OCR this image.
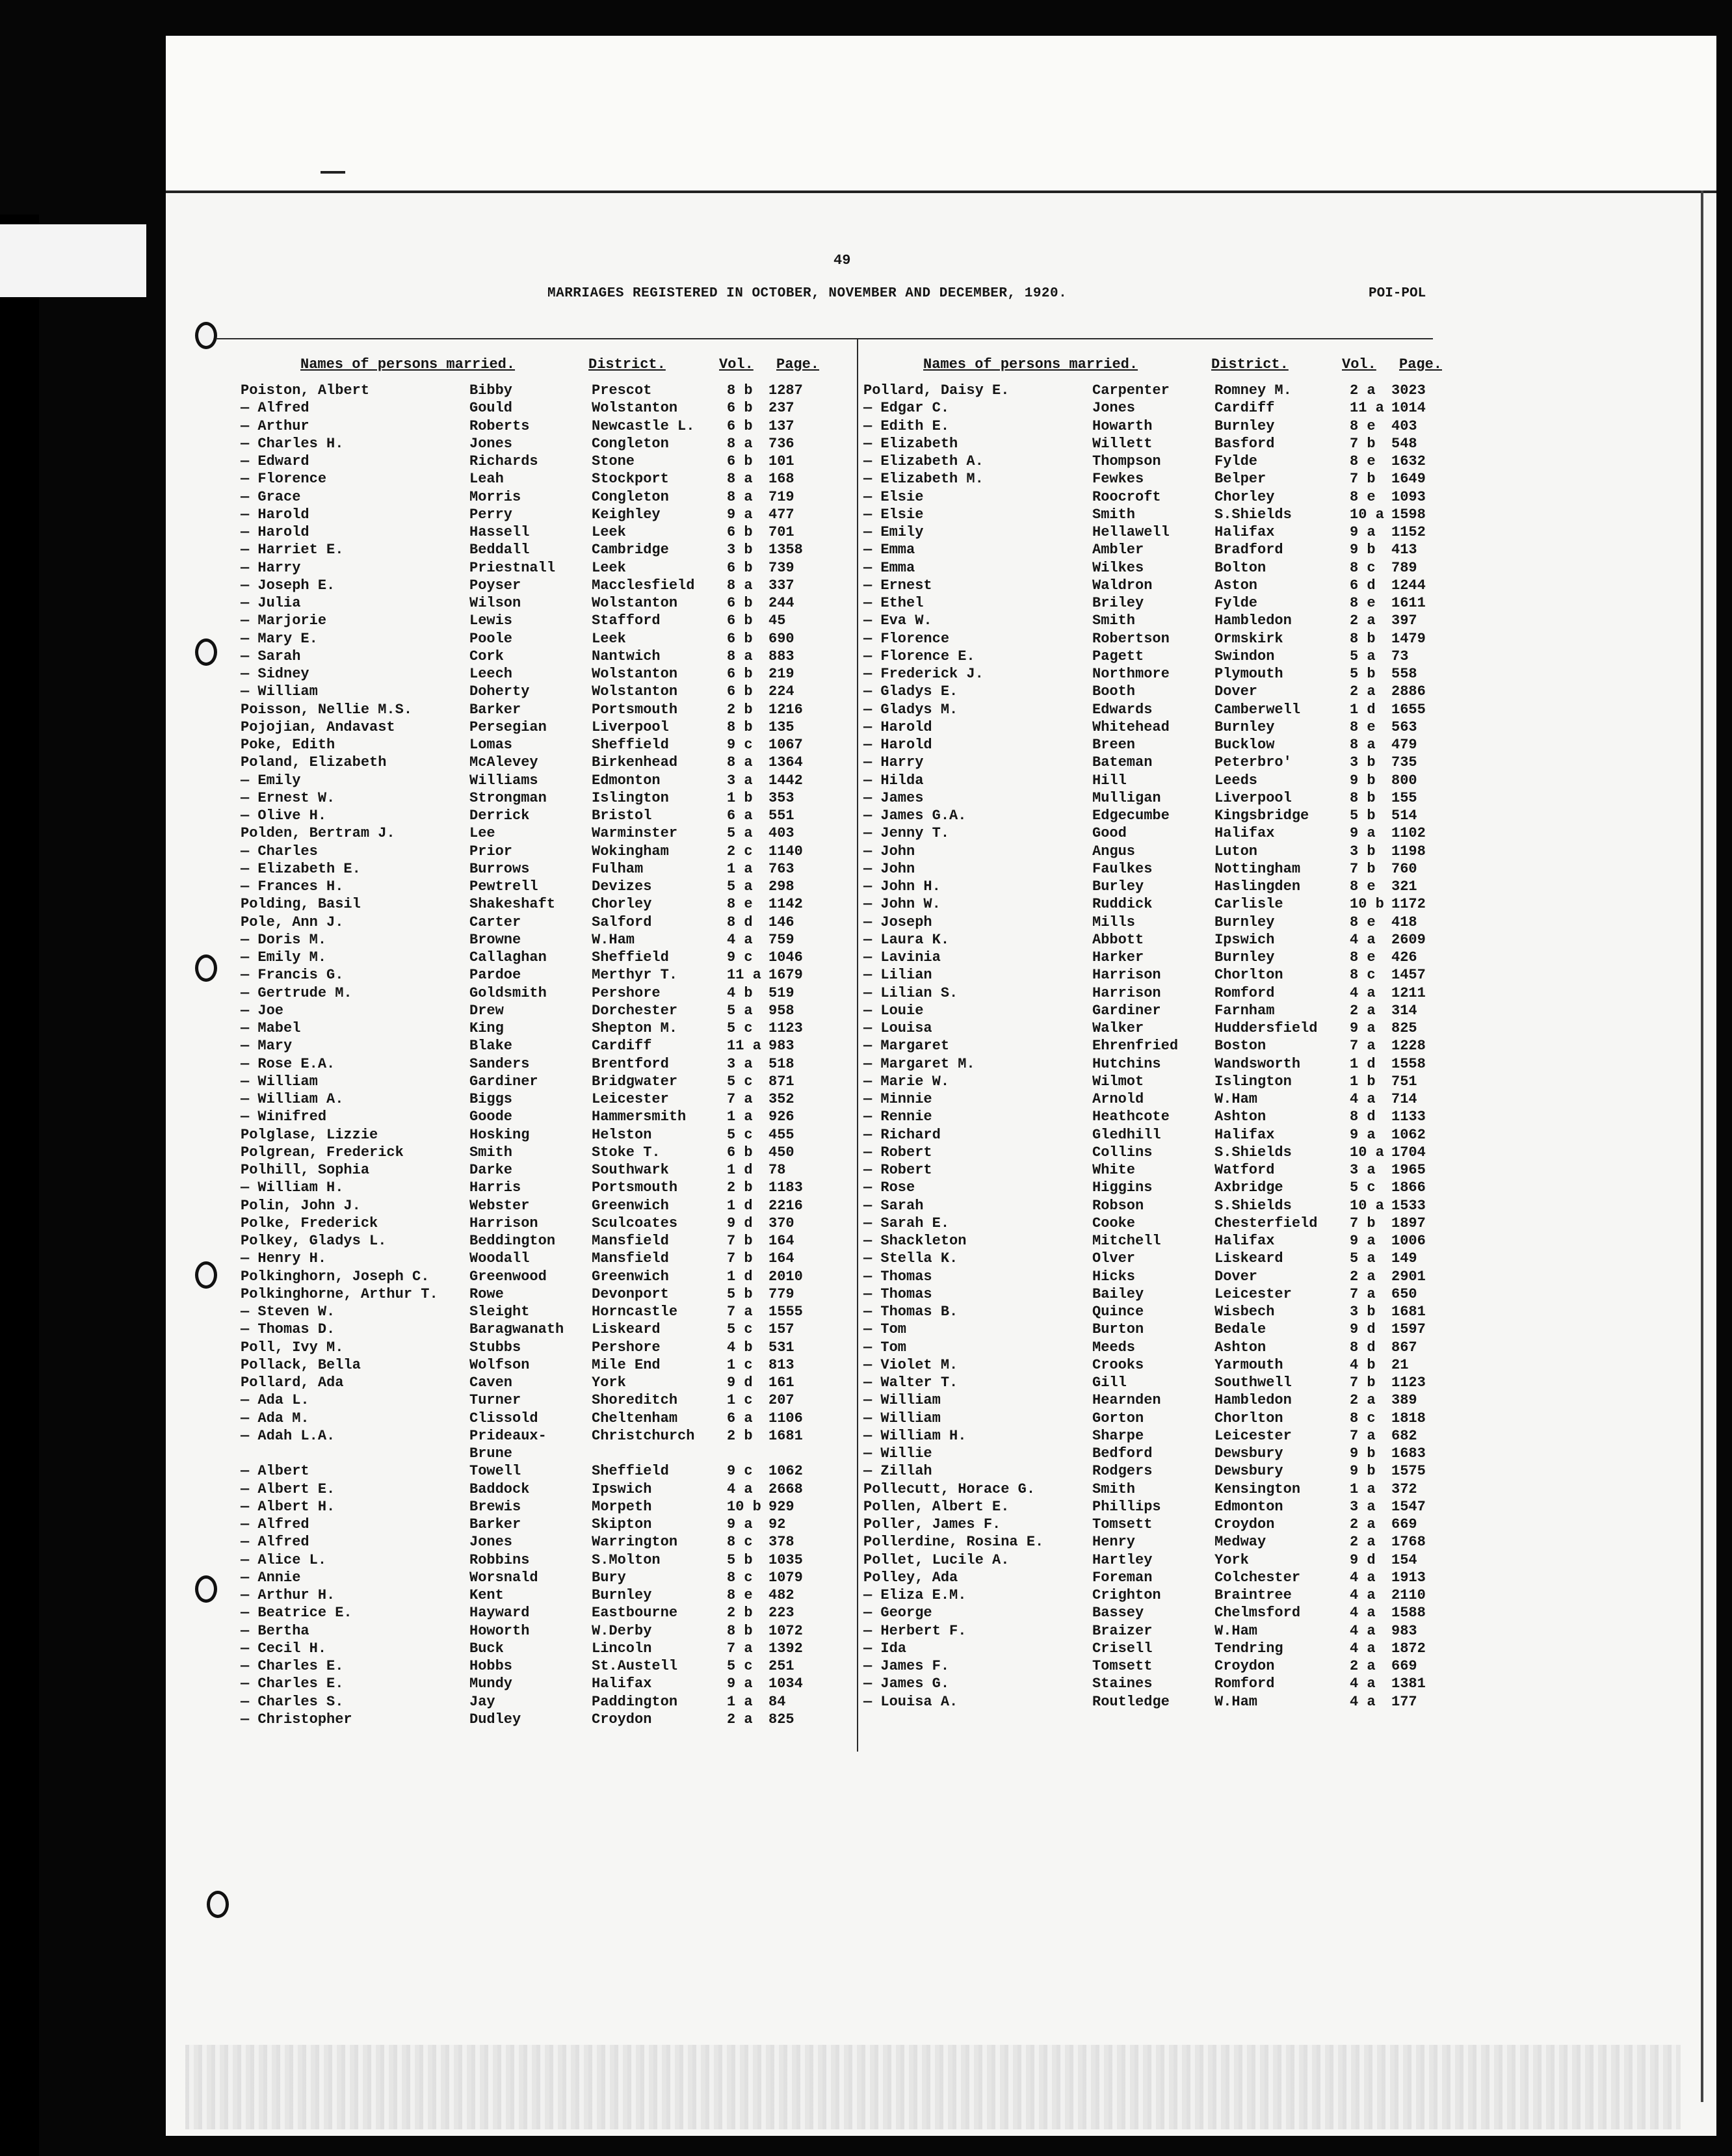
49
MARRIAGES REGISTERED IN OCTOBER, NOVEMBER AND DECEMBER, 1920.	POI-POL
Names of persons married.	District.	Vol. Page.
Poiston, Albert	Bibby	Prescot	8 b 1287
— Alfred	Gould	Wolstanton	6 b 237
— Arthur	Roberts	Newcastle L. 6 b 137
— Charles H.	Jones	Congleton	8 a 736
— Edward	Richards	Stone	6 b 101
— Florence	Leah	Stockport	8 a 168
— Grace	Morris	Congleton	8 a 719
— Harold	Perry	Keighley	9 a 477
— Harold	Hassell	Leek	6 b 701
— Harriet E.	Beddall	Cambridge	3 b 1358
— Harry	Priestnall	Leek	6 b 739
— Joseph E.	Poyser	Macclesfield 8 a 337
— Julia	Wilson	Wolstanton	6 b 244
— Marjorie	Lewis	Stafford	6 b 45
— Mary E.	Poole	Leek	6 b 690
— Sarah	Cork	Nantwich	8 a 883
— Sidney	Leech	Wolstanton	6 b 219
— William	Doherty	Wolstanton	6 b 224
Poisson, Nellie M.S.	Barker	Portsmouth	2 b 1216
Pojojian, Andavast	Persegian	Liverpool	8 b 135
Poke, Edith	Lomas	Sheffield	9 c 1067
Poland, Elizabeth	McAlevey	Birkenhead	8 a 1364
— Emily	Williams	Edmonton	3 a 1442
— Ernest W.	Strongman	Islington	1 b 353
— Olive H.	Derrick	Bristol	6 a 551
Polden, Bertram J.	Lee	Warminster	5 a 403
— Charles	Prior	Wokingham	2 c 1140
— Elizabeth E.	Burrows	Fulham	1 a 763
— Frances H.	Pewtrell	Devizes	5 a 298
Polding, Basil	Shakeshaft	Chorley	8 e 1142
Pole, Ann J.	Carter	Salford	8 d 146
— Doris M.	Browne	W.Ham	4 a 759
— Emily M.	Callaghan	Sheffield	9 c 1046
— Francis G.	Pardoe	Merthyr T.	11 a 1679
— Gertrude M.	Goldsmith	Pershore	4 b 519
— Joe	Drew	Dorchester	5 a 958
— Mabel	King	Shepton M.	5 c 1123
— Mary	Blake	Cardiff	11 a 983
— Rose E.A.	Sanders	Brentford	3 a 518
— William	Gardiner	Bridgwater	5 c 871
— William A.	Biggs	Leicester	7 a 352
— Winifred	Goode	Hammersmith	1 a 926
Polglase, Lizzie	Hosking	Helston	5 c 455
Polgrean, Frederick	Smith	Stoke T.	6 b 450
Polhill, Sophia	Darke	Southwark	1 d 78
— William H.	Harris	Portsmouth	2 b 1183
Polin, John J.	Webster	Greenwich	1 d 2216
Polke, Frederick	Harrison	Sculcoates	9 d 370
Polkey, Gladys L.	Beddington	Mansfield	7 b 164
— Henry H.	Woodall	Mansfield	7 b 164
Polkinghorn, Joseph C.	Greenwood	Greenwich	1 d 2010
Polkinghorne, Arthur T. Rowe	Devonport	5 b 779
— Steven W.	Sleight	Horncastle	7 a 1555
— Thomas D.	Baragwanath Liskeard	5 c 157
Poll, Ivy M.	Stubbs	Pershore	4 b 531
Pollack, Bella	Wolfson	Mile End	1 c 813
Pollard, Ada	Caven	York	9 d 161
— Ada L.	Turner	Shoreditch	1 c 207
— Ada M.	Clissold	Cheltenham	6 a 1106
— Adah L.A.	Prideaux-	Christchurch 2 b 1681
Brune
— Albert	Towell	Sheffield	9 c 1062
— Albert E.	Baddock	Ipswich	4 a 2668
— Albert H.	Brewis	Morpeth	10 b 929
— Alfred	Barker	Skipton	9 a 92
— Alfred	Jones	Warrington	8 c 378
— Alice L.	Robbins	S.Molton	5 b 1035
— Annie	Worsnald	Bury	8 c 1079
— Arthur H.	Kent	Burnley	8 e 482
— Beatrice E.	Hayward	Eastbourne	2 b 223
— Bertha	Howorth	W.Derby	8 b 1072
— Cecil H.	Buck	Lincoln	7 a 1392
— Charles E.	Hobbs	St.Austell	5 c 251
— Charles E.	Mundy	Halifax	9 a 1034
— Charles S.	Jay	Paddington	1 a 84
— Christopher	Dudley	Croydon	2 a 825
Names of persons married.	District.	Vol. Page.
Pollard, Daisy E.	Carpenter	Romney M.	2 a 3023
— Edgar C.	Jones	Cardiff	11 a 1014
— Edith E.	Howarth	Burnley	8 e 403
— Elizabeth	Willett	Basford	7 b 548
— Elizabeth A.	Thompson	Fylde	8 e 1632
— Elizabeth M.	Fewkes	Belper	7 b 1649
— Elsie	Roocroft	Chorley	8 e 1093
— Elsie	Smith	S.Shields	10 a 1598
— Emily	Hellawell	Halifax	9 a 1152
— Emma	Ambler	Bradford	9 b 413
— Emma	Wilkes	Bolton	8 c 789
— Ernest	Waldron	Aston	6 d 1244
— Ethel	Briley	Fylde	8 e 1611
— Eva W.	Smith	Hambledon	2 a 397
— Florence	Robertson	Ormskirk	8 b 1479
— Florence E.	Pagett	Swindon	5 a 73
— Frederick J.	Northmore	Plymouth	5 b 558
— Gladys E.	Booth	Dover	2 a 2886
— Gladys M.	Edwards	Camberwell	1 d 1655
— Harold	Whitehead	Burnley	8 e 563
— Harold	Breen	Bucklow	8 a 479
— Harry	Bateman	Peterbro'	3 b 735
— Hilda	Hill	Leeds	9 b 800
— James	Mulligan	Liverpool	8 b 155
— James G.A.	Edgecumbe	Kingsbridge	5 b 514
— Jenny T.	Good	Halifax	9 a 1102
— John	Angus	Luton	3 b 1198
— John	Faulkes	Nottingham	7 b 760
— John H.	Burley	Haslingden	8 e 321
— John W.	Ruddick	Carlisle	10 b 1172
— Joseph	Mills	Burnley	8 e 418
— Laura K.	Abbott	Ipswich	4 a 2609
— Lavinia	Harker	Burnley	8 e 426
— Lilian	Harrison	Chorlton	8 c 1457
— Lilian S.	Harrison	Romford	4 a 1211
— Louie	Gardiner	Farnham	2 a 314
— Louisa	Walker	Huddersfield 9 a 825
— Margaret	Ehrenfried	Boston	7 a 1228
— Margaret M.	Hutchins	Wandsworth	1 d 1558
— Marie W.	Wilmot	Islington	1 b 751
— Minnie	Arnold	W.Ham	4 a 714
— Rennie	Heathcote	Ashton	8 d 1133
— Richard	Gledhill	Halifax	9 a 1062
— Robert	Collins	S.Shields	10 a 1704
— Robert	White	Watford	3 a 1965
— Rose	Higgins	Axbridge	5 c 1866
— Sarah	Robson	S.Shields	10 a 1533
— Sarah E.	Cooke	Chesterfield 7 b 1897
— Shackleton	Mitchell	Halifax	9 a 1006
— Stella K.	Olver	Liskeard	5 a 149
— Thomas	Hicks	Dover	2 a 2901
— Thomas	Bailey	Leicester	7 a 650
— Thomas B.	Quince	Wisbech	3 b 1681
— Tom	Burton	Bedale	9 d 1597
— Tom	Meeds	Ashton	8 d 867
— Violet M.	Crooks	Yarmouth	4 b 21
— Walter T.	Gill	Southwell	7 b 1123
— William	Hearnden	Hambledon	2 a 389
— William	Gorton	Chorlton	8 c 1818
— William H.	Sharpe	Leicester	7 a 682
— Willie	Bedford	Dewsbury	9 b 1683
— Zillah	Rodgers	Dewsbury	9 b 1575
Pollecutt, Horace G.	Smith	Kensington	1 a 372
Pollen, Albert E.	Phillips	Edmonton	3 a 1547
Poller, James F.	Tomsett	Croydon	2 a 669
Pollerdine, Rosina E.	Henry	Medway	2 a 1768
Pollet, Lucile A.	Hartley	York	9 d 154
Polley, Ada	Foreman	Colchester	4 a 1913
— Eliza E.M.	Crighton	Braintree	4 a 2110
— George	Bassey	Chelmsford	4 a 1588
— Herbert F.	Braizer	W.Ham	4 a 983
— Ida	Crisell	Tendring	4 a 1872
— James F.	Tomsett	Croydon	2 a 669
— James G.	Staines	Romford	4 a 1381
— Louisa A.	Routledge	W.Ham	4 a 177
